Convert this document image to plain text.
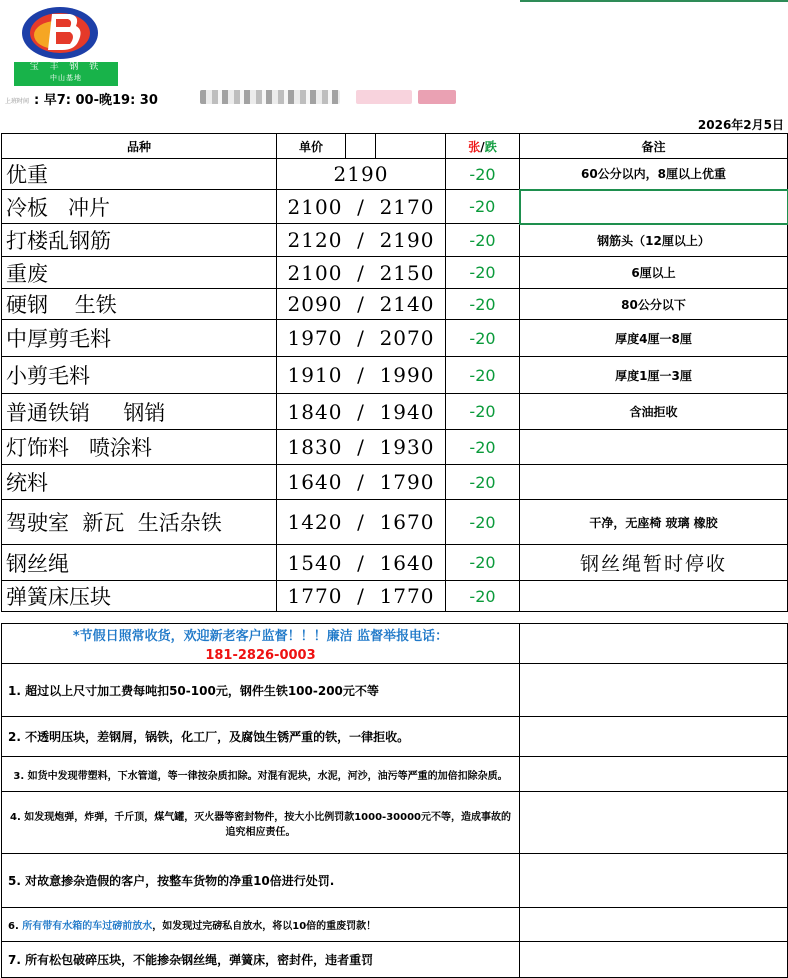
宝 丰 钢 铁
中山基地
上班时间 : 早7: 00-晚19: 30
2026年2月5日
品种	单价			张/跌	备注
优重	2190			-20	60公分以内，8厘以上优重
冷板   冲片	2100  /  2170			-20	
打楼乱钢筋	2120  /  2190			-20	钢筋头（12厘以上）
重废	2100  /  2150			-20	6厘以上
硬钢    生铁	2090  /  2140			-20	80公分以下
中厚剪毛料	1970  /  2070			-20	厚度4厘一8厘
小剪毛料	1910  /  1990			-20	厚度1厘一3厘
普通铁销     钢销	1840  /  1940			-20	含油拒收
灯饰料   喷涂料	1830  /  1930			-20	
统料	1640  /  1790			-20	
驾驶室  新瓦  生活杂铁	1420  /  1670			-20	干净，无座椅 玻璃 橡胶
钢丝绳	1540  /  1640			-20	钢丝绳暂时停收
弹簧床压块	1770  /  1770			-20	
*节假日照常收货，欢迎新老客户监督！！！廉洁 监督举报电话：
181-2826-0003	

1. 超过以上尺寸加工费每吨扣50-100元，钢件生铁100-200元不等	
2. 不透明压块，差钢屑，锅铁，化工厂，及腐蚀生锈严重的铁，一律拒收。	
3. 如货中发现带塑料，下水管道，等一律按杂质扣除。对混有泥块，水泥，河沙，油污等严重的加倍扣除杂质。	
4. 如发现炮弹，炸弹，千斤顶，煤气罐，灭火器等密封物件，按大小比例罚款1000-30000元不等，造成事故的追究相应责任。	
5. 对故意掺杂造假的客户，按整车货物的净重10倍进行处罚.	
6. 所有带有水箱的车过磅前放水，如发现过完磅私自放水，将以10倍的重废罚款！	
7. 所有松包破碎压块，不能掺杂钢丝绳，弹簧床，密封件，违者重罚	
